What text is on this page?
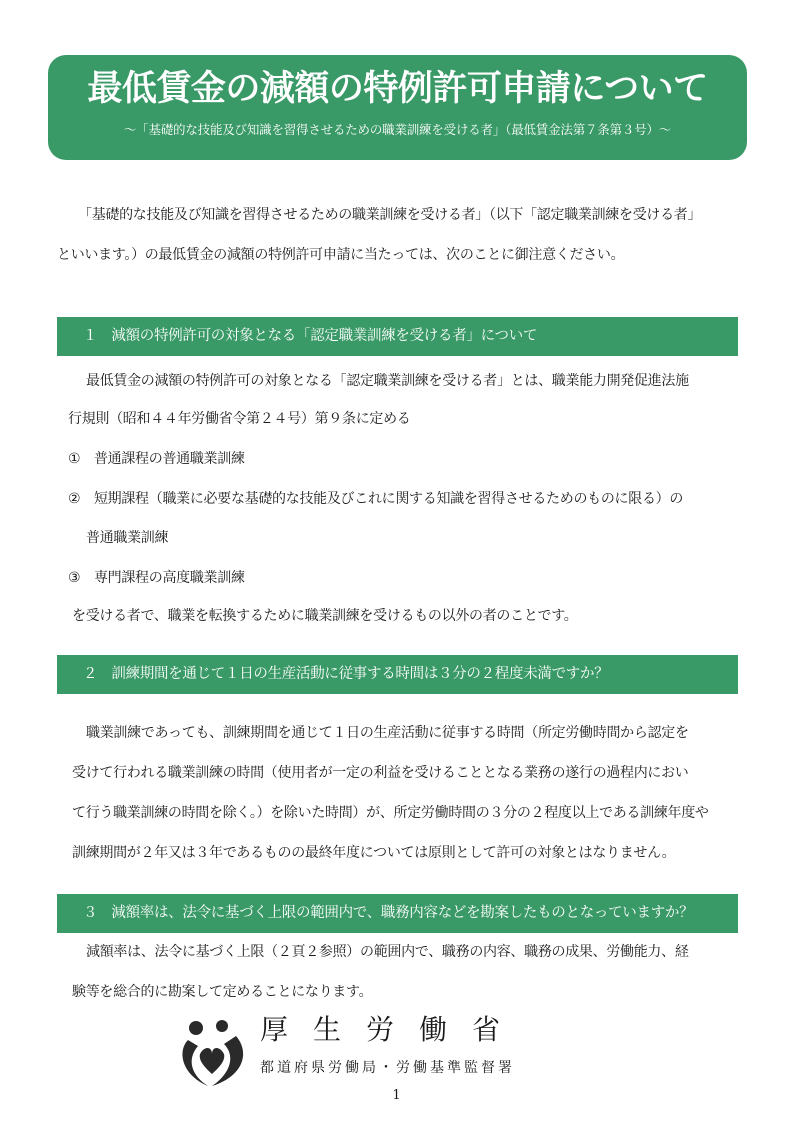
最低賃金の減額の特例許可申請について
～「基礎的な技能及び知識を習得させるための職業訓練を受ける者」（最低賃金法第７条第３号）～
「基礎的な技能及び知識を習得させるための職業訓練を受ける者」（以下「認定職業訓練を受ける者」
といいます。）の最低賃金の減額の特例許可申請に当たっては、次のことに御注意ください。
１　減額の特例許可の対象となる「認定職業訓練を受ける者」について
最低賃金の減額の特例許可の対象となる「認定職業訓練を受ける者」とは、職業能力開発促進法施
行規則（昭和４４年労働省令第２４号）第９条に定める
①　普通課程の普通職業訓練
②　短期課程（職業に必要な基礎的な技能及びこれに関する知識を習得させるためのものに限る）の
普通職業訓練
③　専門課程の高度職業訓練
を受ける者で、職業を転換するために職業訓練を受けるもの以外の者のことです。
２　訓練期間を通じて１日の生産活動に従事する時間は３分の２程度未満ですか？
職業訓練であっても、訓練期間を通じて１日の生産活動に従事する時間（所定労働時間から認定を
受けて行われる職業訓練の時間（使用者が一定の利益を受けることとなる業務の遂行の過程内におい
て行う職業訓練の時間を除く。）を除いた時間）が、所定労働時間の３分の２程度以上である訓練年度や
訓練期間が２年又は３年であるものの最終年度については原則として許可の対象とはなりません。
３　減額率は、法令に基づく上限の範囲内で、職務内容などを勘案したものとなっていますか？
減額率は、法令に基づく上限（２頁２参照）の範囲内で、職務の内容、職務の成果、労働能力、経
験等を総合的に勘案して定めることになります。
厚生労働省
都道府県労働局・労働基準監督署
1
